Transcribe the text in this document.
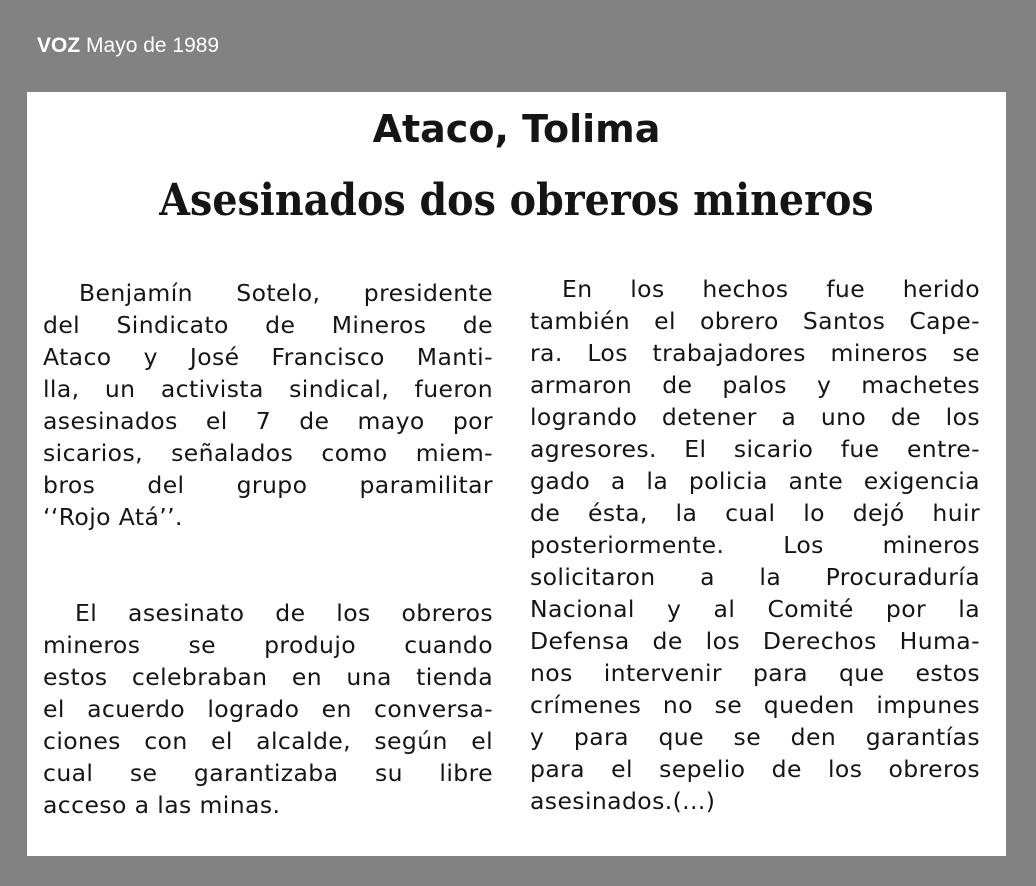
VOZ Mayo de 1989
Ataco, Tolima
Asesinados dos obreros mineros
Benjamín Sotelo, presidente
del Sindicato de Mineros de
Ataco y José Francisco Manti-
lla, un activista sindical, fueron
asesinados el 7 de mayo por
sicarios, señalados como miem-
bros del grupo paramilitar
‘‘Rojo Atá’’.
El asesinato de los obreros
mineros se produjo cuando
estos celebraban en una tienda
el acuerdo logrado en conversa-
ciones con el alcalde, según el
cual se garantizaba su libre
acceso a las minas.
En los hechos fue herido
también el obrero Santos Cape-
ra. Los trabajadores mineros se
armaron de palos y machetes
logrando detener a uno de los
agresores. El sicario fue entre-
gado a la policia ante exigencia
de ésta, la cual lo dejó huir
posteriormente. Los mineros
solicitaron a la Procuraduría
Nacional y al Comité por la
Defensa de los Derechos Huma-
nos intervenir para que estos
crímenes no se queden impunes
y para que se den garantías
para el sepelio de los obreros
asesinados.(...)
